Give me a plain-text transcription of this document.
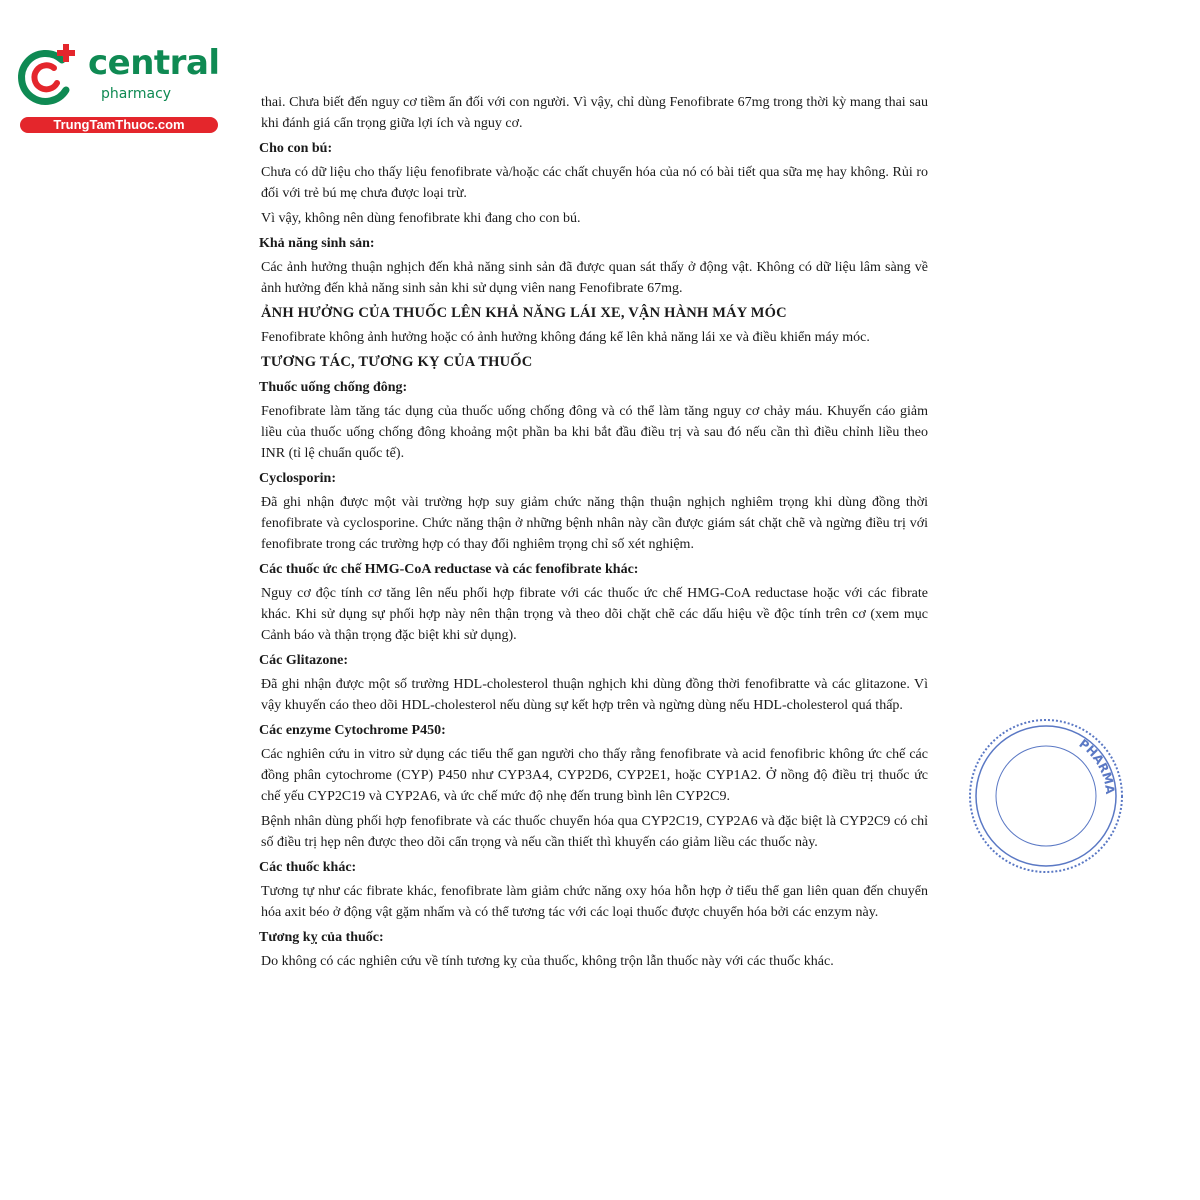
central
pharmacy
TrungTamThuoc.com

thai. Chưa biết đến nguy cơ tiềm ẩn đối với con người. Vì vậy, chỉ dùng Fenofibrate 67mg trong thời kỳ mang thai sau khi đánh giá cẩn trọng giữa lợi ích và nguy cơ.

Cho con bú:

Chưa có dữ liệu cho thấy liệu fenofibrate và/hoặc các chất chuyển hóa của nó có bài tiết qua sữa mẹ hay không. Rủi ro đối với trẻ bú mẹ chưa được loại trừ.

Vì vậy, không nên dùng fenofibrate khi đang cho con bú.

Khả năng sinh sản:

Các ảnh hưởng thuận nghịch đến khả năng sinh sản đã được quan sát thấy ở động vật. Không có dữ liệu lâm sàng về ảnh hưởng đến khả năng sinh sản khi sử dụng viên nang Fenofibrate 67mg.

ẢNH HƯỞNG CỦA THUỐC LÊN KHẢ NĂNG LÁI XE, VẬN HÀNH MÁY MÓC

Fenofibrate không ảnh hưởng hoặc có ảnh hưởng không đáng kể lên khả năng lái xe và điều khiển máy móc.

TƯƠNG TÁC, TƯƠNG KỴ CỦA THUỐC
Thuốc uống chống đông:

Fenofibrate làm tăng tác dụng của thuốc uống chống đông và có thể làm tăng nguy cơ chảy máu. Khuyến cáo giảm liều của thuốc uống chống đông khoảng một phần ba khi bắt đầu điều trị và sau đó nếu cần thì điều chỉnh liều theo INR (tỉ lệ chuẩn quốc tế).

Cyclosporin:

Đã ghi nhận được một vài trường hợp suy giảm chức năng thận thuận nghịch nghiêm trọng khi dùng đồng thời fenofibrate và cyclosporine. Chức năng thận ở những bệnh nhân này cần được giám sát chặt chẽ và ngừng điều trị với fenofibrate trong các trường hợp có thay đổi nghiêm trọng chỉ số xét nghiệm.

Các thuốc ức chế HMG-CoA reductase và các fenofibrate khác:

Nguy cơ độc tính cơ tăng lên nếu phối hợp fibrate với các thuốc ức chế HMG-CoA reductase hoặc với các fibrate khác. Khi sử dụng sự phối hợp này nên thận trọng và theo dõi chặt chẽ các dấu hiệu về độc tính trên cơ (xem mục Cảnh báo và thận trọng đặc biệt khi sử dụng).

Các Glitazone:

Đã ghi nhận được một số trường HDL-cholesterol thuận nghịch khi dùng đồng thời fenofibratte và các glitazone. Vì vậy khuyến cáo theo dõi HDL-cholesterol nếu dùng sự kết hợp trên và ngừng dùng nếu HDL-cholesterol quá thấp.

Các enzyme Cytochrome P450:

Các nghiên cứu in vitro sử dụng các tiểu thể gan người cho thấy rằng fenofibrate và acid fenofibric không ức chế các đồng phân cytochrome (CYP) P450 như CYP3A4, CYP2D6, CYP2E1, hoặc CYP1A2. Ở nồng độ điều trị thuốc ức chế yếu CYP2C19 và CYP2A6, và ức chế mức độ nhẹ đến trung bình lên CYP2C9.

Bệnh nhân dùng phối hợp fenofibrate và các thuốc chuyển hóa qua CYP2C19, CYP2A6 và đặc biệt là CYP2C9 có chỉ số điều trị hẹp nên được theo dõi cẩn trọng và nếu cần thiết thì khuyến cáo giảm liều các thuốc này.

Các thuốc khác:

Tương tự như các fibrate khác, fenofibrate làm giảm chức năng oxy hóa hỗn hợp ở tiểu thể gan liên quan đến chuyển hóa axit béo ở động vật gặm nhấm và có thể tương tác với các loại thuốc được chuyển hóa bởi các enzym này.

Tương kỵ của thuốc:

Do không có các nghiên cứu về tính tương kỵ của thuốc, không trộn lẫn thuốc này với các thuốc khác.

PHARMA
